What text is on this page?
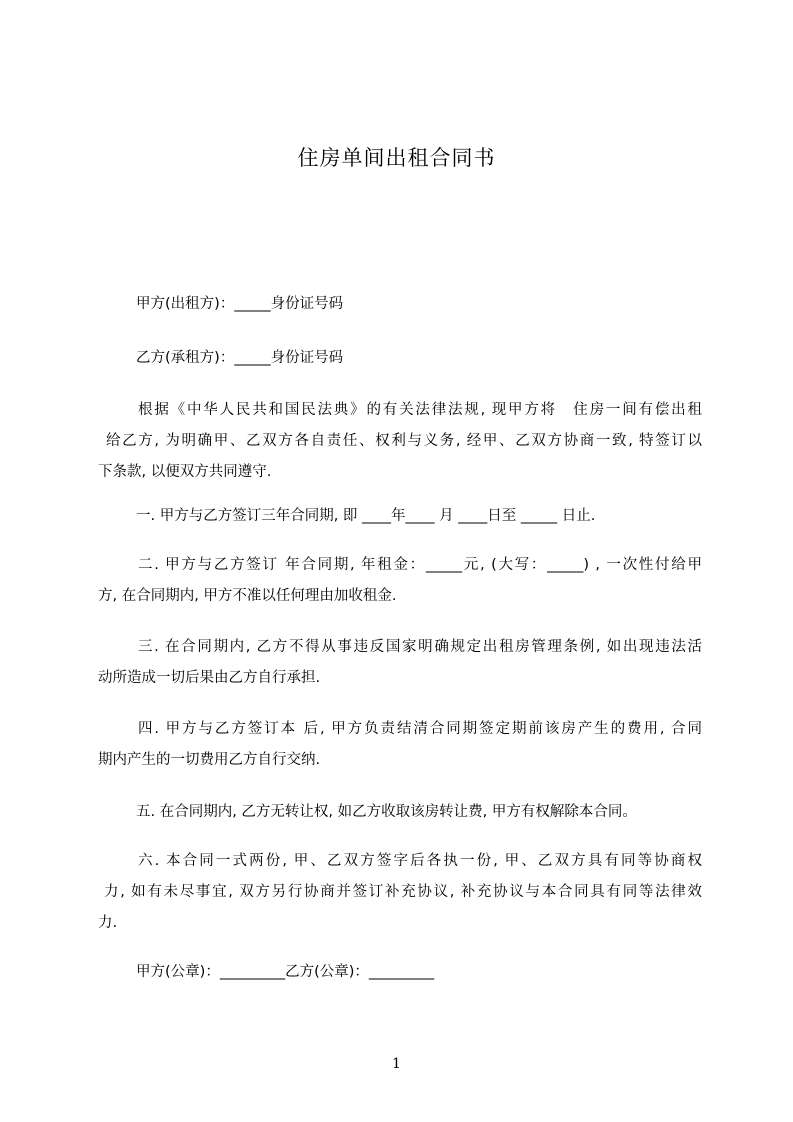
住房单间出租合同书
甲方(出租方)：_____身份证号码
乙方(承租方)：_____身份证号码
根据《中华人民共和国民法典》的有关法律法规, 现甲方将　住房一间有偿出租
给乙方, 为明确甲、乙双方各自责任、权利与义务, 经甲、乙双方协商一致, 特签订以
下条款, 以便双方共同遵守.
一. 甲方与乙方签订三年合同期, 即 ____年____ 月 ____日至 _____ 日止.
二. 甲方与乙方签订 年合同期, 年租金：_____元, (大写：_____) , 一次性付给甲
方, 在合同期内, 甲方不准以任何理由加收租金.
三. 在合同期内, 乙方不得从事违反国家明确规定出租房管理条例, 如出现违法活
动所造成一切后果由乙方自行承担.
四. 甲方与乙方签订本 后, 甲方负责结清合同期签定期前该房产生的费用, 合同
期内产生的一切费用乙方自行交纳.
五. 在合同期内, 乙方无转让权, 如乙方收取该房转让费, 甲方有权解除本合同。
六. 本合同一式两份, 甲、乙双方签字后各执一份, 甲、乙双方具有同等协商权
力, 如有未尽事宜, 双方另行协商并签订补充协议, 补充协议与本合同具有同等法律效
力.
甲方(公章)：_________乙方(公章)：_________
1
